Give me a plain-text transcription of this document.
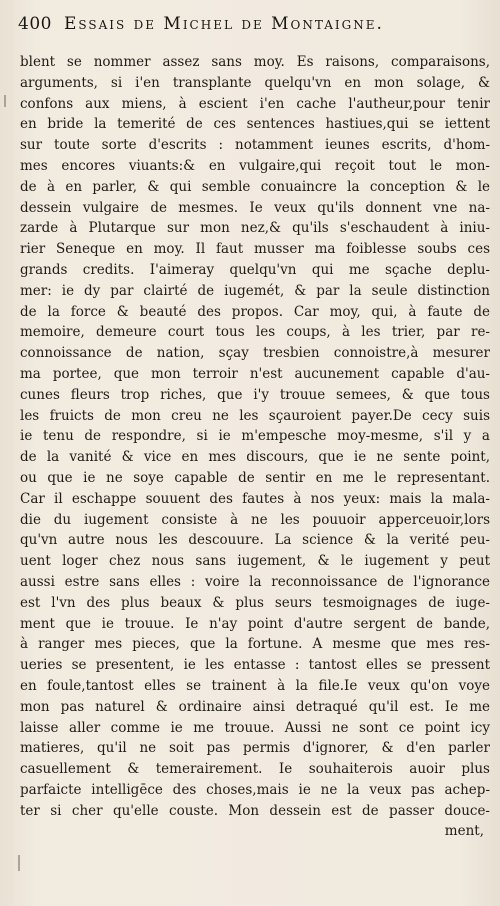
400 Essais de Michel de Montaigne.
blent se nommer assez sans moy. Es raisons, comparaisons,
arguments, si i'en transplante quelqu'vn en mon solage, &
confons aux miens, à escient i'en cache l'autheur,pour tenir
en bride la temerité de ces sentences hastiues,qui se iettent
sur toute sorte d'escrits : notamment ieunes escrits, d'hom-
mes encores viuants:& en vulgaire,qui reçoit tout le mon-
de à en parler, & qui semble conuaincre la conception & le
dessein vulgaire de mesmes. Ie veux qu'ils donnent vne na-
zarde à Plutarque sur mon nez,& qu'ils s'eschaudent à iniu-
rier Seneque en moy. Il faut musser ma foiblesse soubs ces
grands credits. I'aimeray quelqu'vn qui me sçache deplu-
mer: ie dy par clairté de iugemét, & par la seule distinction
de la force & beauté des propos. Car moy, qui, à faute de
memoire, demeure court tous les coups, à les trier, par re-
connoissance de nation, sçay tresbien connoistre,à mesurer
ma portee, que mon terroir n'est aucunement capable d'au-
cunes fleurs trop riches, que i'y trouue semees, & que tous
les fruicts de mon creu ne les sçauroient payer.De cecy suis
ie tenu de respondre, si ie m'empesche moy-mesme, s'il y a
de la vanité & vice en mes discours, que ie ne sente point,
ou que ie ne soye capable de sentir en me le representant.
Car il eschappe souuent des fautes à nos yeux: mais la mala-
die du iugement consiste à ne les pouuoir apperceuoir,lors
qu'vn autre nous les descouure. La science & la verité peu-
uent loger chez nous sans iugement, & le iugement y peut
aussi estre sans elles : voire la reconnoissance de l'ignorance
est l'vn des plus beaux & plus seurs tesmoignages de iuge-
ment que ie trouue. Ie n'ay point d'autre sergent de bande,
à ranger mes pieces, que la fortune. A mesme que mes res-
ueries se presentent, ie les entasse : tantost elles se pressent
en foule,tantost elles se trainent à la file.Ie veux qu'on voye
mon pas naturel & ordinaire ainsi detraqué qu'il est. Ie me
laisse aller comme ie me trouue. Aussi ne sont ce point icy
matieres, qu'il ne soit pas permis d'ignorer, & d'en parler
casuellement & temerairement. Ie souhaiterois auoir plus
parfaicte intelligēce des choses,mais ie ne la veux pas achep-
ter si cher qu'elle couste. Mon dessein est de passer douce-
ment,
